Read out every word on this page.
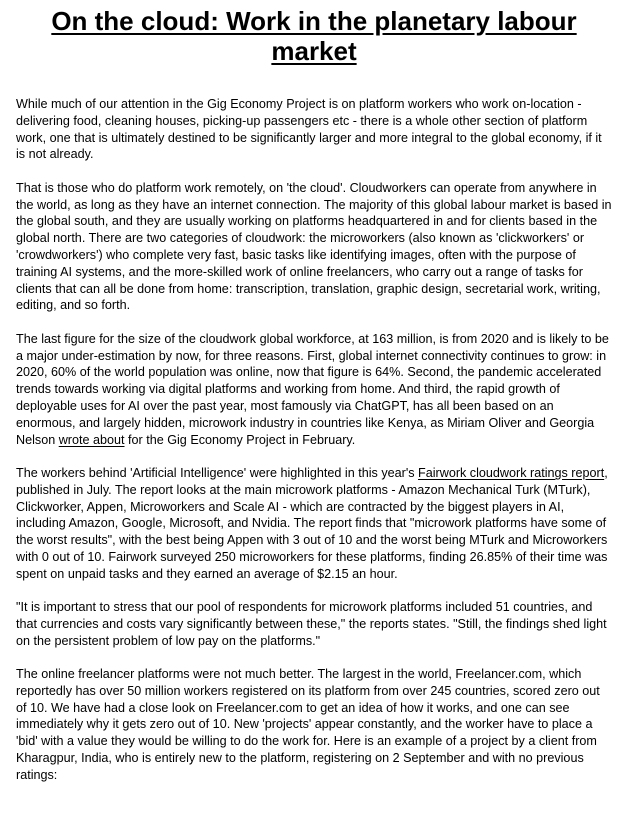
On the cloud: Work in the planetary labour market

While much of our attention in the Gig Economy Project is on platform workers who work on-location - delivering food, cleaning houses, picking-up passengers etc - there is a whole other section of platform work, one that is ultimately destined to be significantly larger and more integral to the global economy, if it is not already.

That is those who do platform work remotely, on 'the cloud'. Cloudworkers can operate from anywhere in the world, as long as they have an internet connection. The majority of this global labour market is based in the global south, and they are usually working on platforms headquartered in and for clients based in the global north. There are two categories of cloudwork: the microworkers (also known as 'clickworkers' or 'crowdworkers') who complete very fast, basic tasks like identifying images, often with the purpose of training AI systems, and the more-skilled work of online freelancers, who carry out a range of tasks for clients that can all be done from home: transcription, translation, graphic design, secretarial work, writing, editing, and so forth.

The last figure for the size of the cloudwork global workforce, at 163 million, is from 2020 and is likely to be a major under-estimation by now, for three reasons. First, global internet connectivity continues to grow: in 2020, 60% of the world population was online, now that figure is 64%. Second, the pandemic accelerated trends towards working via digital platforms and working from home. And third, the rapid growth of deployable uses for AI over the past year, most famously via ChatGPT, has all been based on an enormous, and largely hidden, microwork industry in countries like Kenya, as Miriam Oliver and Georgia Nelson wrote about for the Gig Economy Project in February.

The workers behind 'Artificial Intelligence' were highlighted in this year's Fairwork cloudwork ratings report, published in July. The report looks at the main microwork platforms - Amazon Mechanical Turk (MTurk), Clickworker, Appen, Microworkers and Scale AI - which are contracted by the biggest players in AI, including Amazon, Google, Microsoft, and Nvidia. The report finds that "microwork platforms have some of the worst results", with the best being Appen with 3 out of 10 and the worst being MTurk and Microworkers with 0 out of 10. Fairwork surveyed 250 microworkers for these platforms, finding 26.85% of their time was spent on unpaid tasks and they earned an average of $2.15 an hour.

"It is important to stress that our pool of respondents for microwork platforms included 51 countries, and that currencies and costs vary significantly between these," the reports states. "Still, the findings shed light on the persistent problem of low pay on the platforms."

The online freelancer platforms were not much better. The largest in the world, Freelancer.com, which reportedly has over 50 million workers registered on its platform from over 245 countries, scored zero out of 10. We have had a close look on Freelancer.com to get an idea of how it works, and one can see immediately why it gets zero out of 10. New 'projects' appear constantly, and the worker have to place a 'bid' with a value they would be willing to do the work for. Here is an example of a project by a client from Kharagpur, India, who is entirely new to the platform, registering on 2 September and with no previous ratings:
